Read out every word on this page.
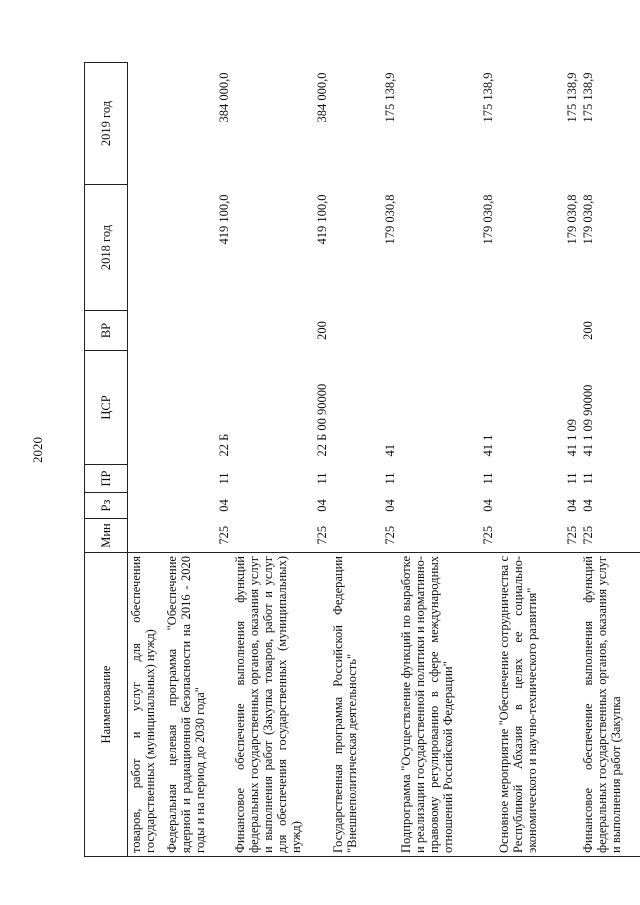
2020
Наименование	Мин	Рз	ПР	ЦСР	ВР	2018 год	2019 год
товаров, работ и услуг для обеспечения государственных (муниципальных) нужд)							
Федеральная целевая программа "Обеспечение ядерной и радиационной безопасности на 2016 - 2020 годы и на период до 2030 года"	725	04	11	22 Б		419 100,0	384 000,0
Финансовое обеспечение выполнения функций федеральных государственных органов, оказания услуг и выполнения работ (Закупка товаров, работ и услуг для обеспечения государственных (муниципальных) нужд)	725	04	11	22 Б 00 90000	200	419 100,0	384 000,0
Государственная программа Российской Федерации "Внешнеполитическая деятельность"	725	04	11	41		179 030,8	175 138,9
Подпрограмма "Осуществление функций по выработке и реализации государственной политики и нормативно-правовому регулированию в сфере международных отношений Российской Федерации"	725	04	11	41 1		179 030,8	175 138,9
Основное мероприятие "Обеспечение сотрудничества с Республикой Абхазия в целях ее социально-экономического и научно-технического развития"	725	04	11	41 1 09		179 030,8	175 138,9
Финансовое обеспечение выполнения функций федеральных государственных органов, оказания услуг и выполнения работ (Закупка	725	04	11	41 1 09 90000	200	179 030,8	175 138,9
